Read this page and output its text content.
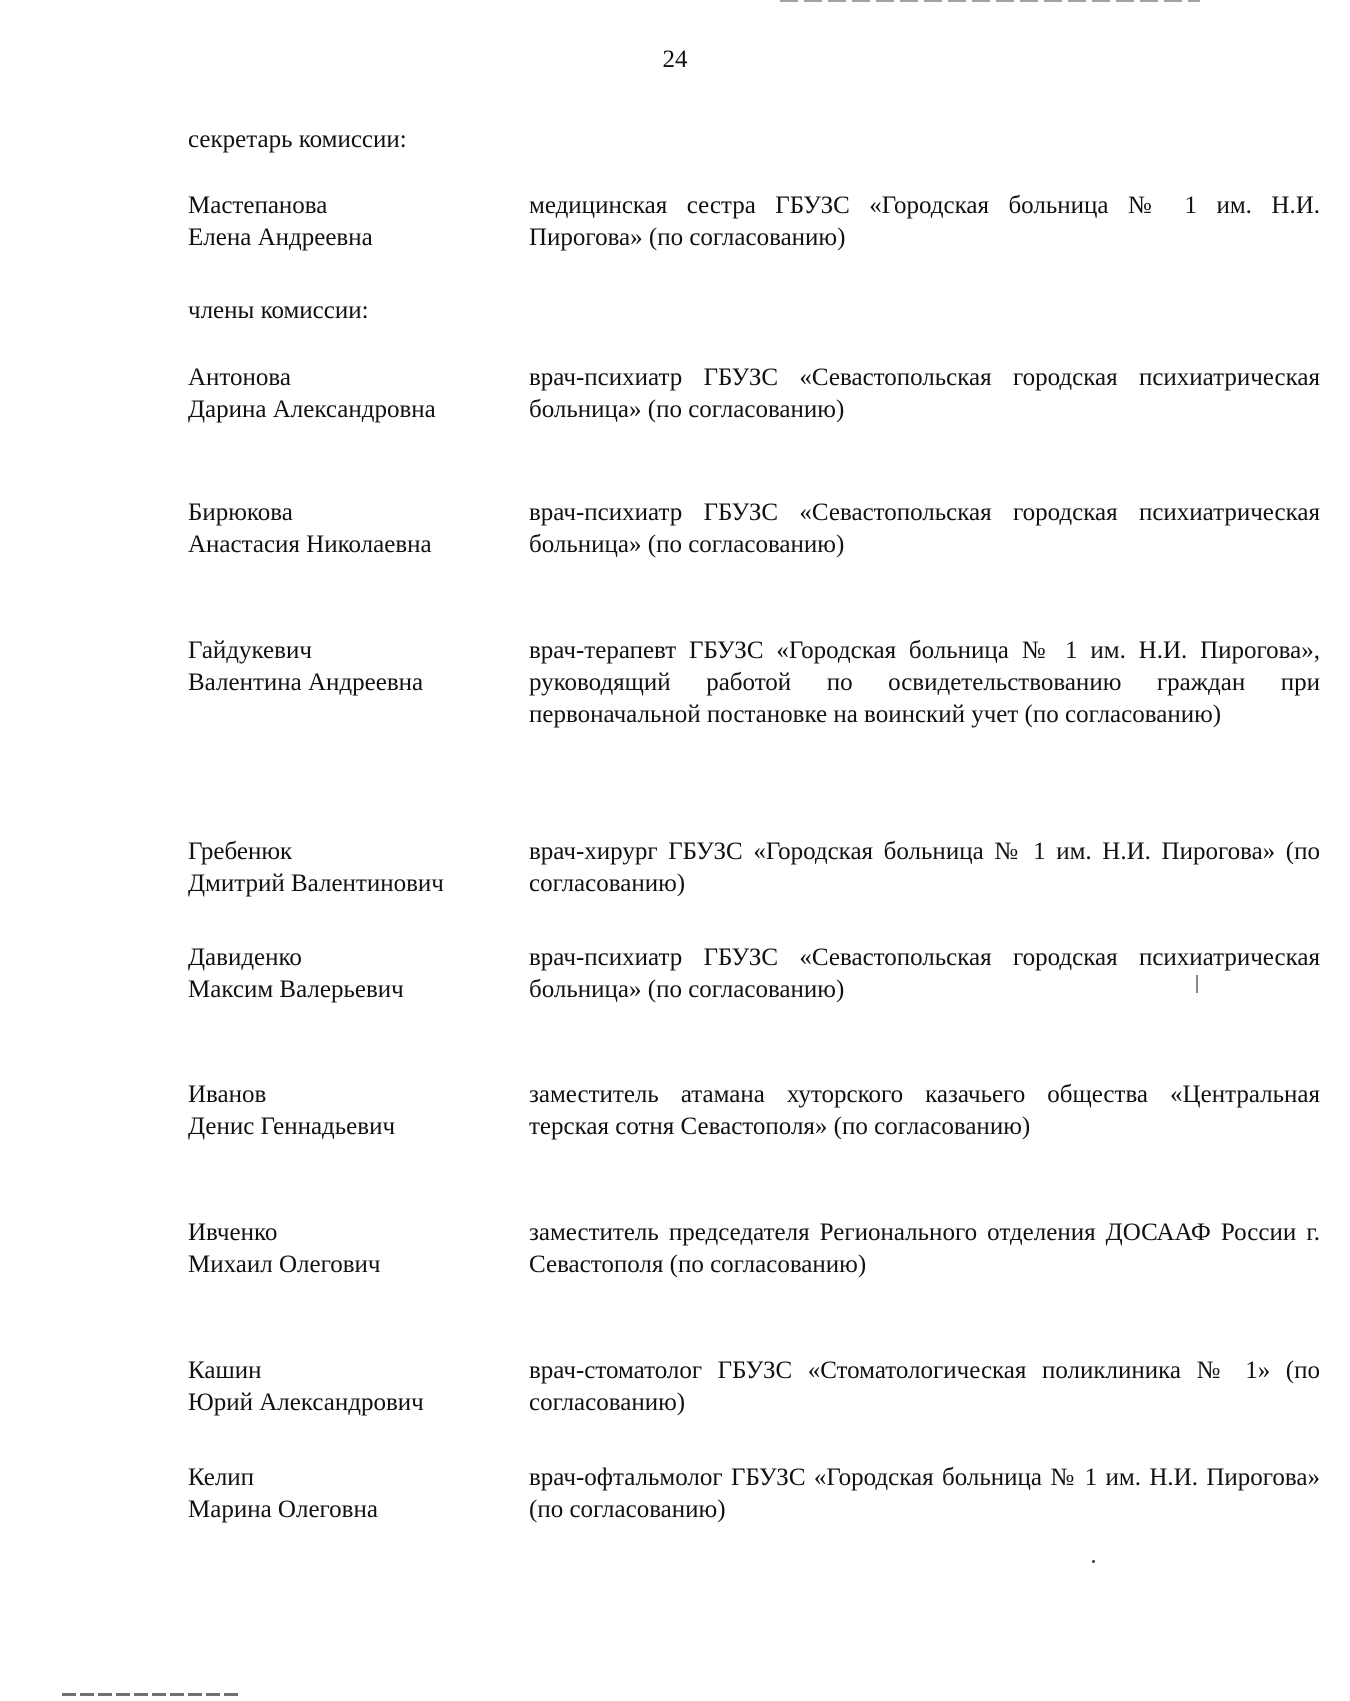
24
секретарь комиссии:
Мастепанова
Елена Андреевна
медицинская сестра ГБУЗС «Городская больница № 1 им. Н.И. Пирогова» (по согласованию)
члены комиссии:
Антонова
Дарина Александровна
врач-психиатр ГБУЗС «Севастопольская городская психиатрическая больница» (по согласованию)
Бирюкова
Анастасия Николаевна
врач-психиатр ГБУЗС «Севастопольская городская психиатрическая больница» (по согласованию)
Гайдукевич
Валентина Андреевна
врач-терапевт ГБУЗС «Городская больница № 1 им. Н.И. Пирогова», руководящий работой по освидетельствованию граждан при первоначальной постановке на воинский учет (по согласованию)
Гребенюк
Дмитрий Валентинович
врач-хирург ГБУЗС «Городская больница № 1 им. Н.И. Пирогова» (по согласованию)
Давиденко
Максим Валерьевич
врач-психиатр ГБУЗС «Севастопольская городская психиатрическая больница» (по согласованию)
Иванов
Денис Геннадьевич
заместитель атамана хуторского казачьего общества «Центральная терская сотня Севастополя» (по согласованию)
Ивченко
Михаил Олегович
заместитель председателя Регионального отделения ДОСААФ России г. Севастополя (по согласованию)
Кашин
Юрий Александрович
врач-стоматолог ГБУЗС «Стоматологическая поликлиника № 1» (по согласованию)
Келип
Марина Олеговна
врач-офтальмолог ГБУЗС «Городская больница № 1 им. Н.И. Пирогова» (по согласованию)
